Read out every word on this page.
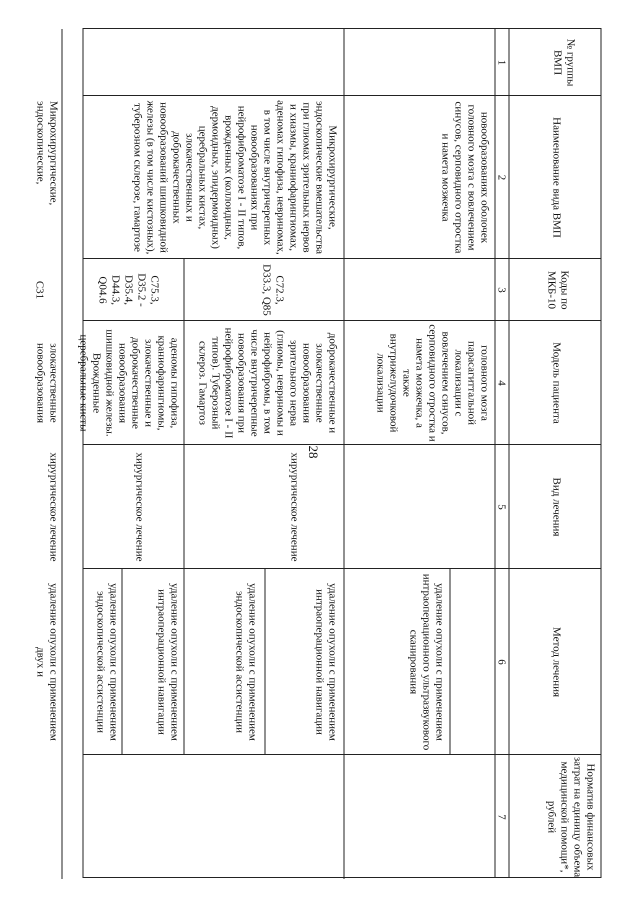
28
№ группы ВМП
Наименование вида ВМП
Коды по МКБ-10
Модель пациента
Вид лечения
Метод лечения
Норматив финансовых затрат на единицу объема медицинской помощи*, рублей
1
2
3
4
5
6
7
новообразованиях оболочек головного мозга с вовлечением синусов, серповидного отростка и намета мозжечка
головного мозга парасагиттальной локализации с вовлечением синусов, серповидного отростка и намета мозжечка, а также внутрижелудочковой локализации
удаление опухоли с применением интраоперационного ультразвукового сканирования
Микрохирургические, эндоскопические вмешательства при глиомах зрительных нервов и хиазмы, краниофарингиомах, аденомах гипофиза, невриномах, в том числе внутричерепных новообразованиях при нейрофиброматозе I - II типов, врожденных (коллоидных, дермоидных, эпидермоидных) церебральных кистах, злокачественных и доброкачественных новообразований шишковидной железы (в том числе кистозных), туберозном склерозе, гамартозе
C72.3, D33.3, Q85
доброкачественные и злокачественные новообразования зрительного нерва (глиомы, невриномы и нейрофибромы, в том числе внутричерепные новообразования при нейрофиброматозе I - II типов). Туберозный склероз. Гамартоз
хирургическое лечение
удаление опухоли с применением интраоперационной навигации
удаление опухоли с применением эндоскопической ассистенции
C75.3, D35.2 - D35.4, D44.3, Q04.6
аденомы гипофиза, краниофарингиомы, злокачественные и доброкачественные новообразования шишковидной железы. Врожденные церебральные кисты
хирургическое лечение
удаление опухоли с применением интраоперационной навигации
удаление опухоли с применением эндоскопической ассистенции
Микрохирургические, эндоскопические,
C31
злокачественные новообразования
хирургическое лечение
удаление опухоли с применением двух и
